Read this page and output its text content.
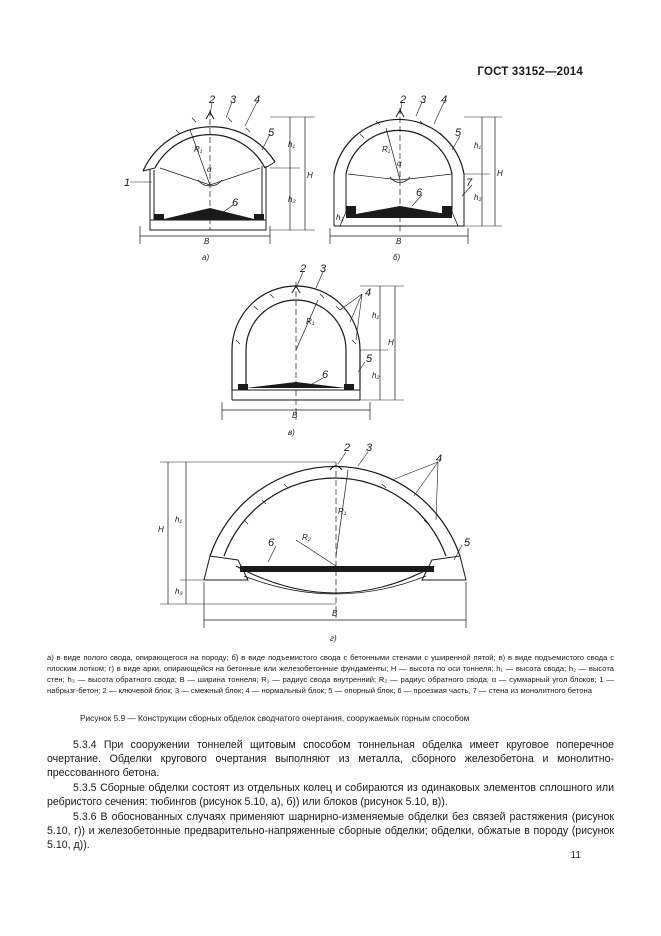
ГОСТ 33152—2014
1
2 3 4
5
6
R₁
α
h₁
h₂
H
B
а)
2 3 4
5
6
7
R₁
α
h₁
h₂
h₃
H
B
б)
2 3
4
5
6
R₁
h₁
h₂
H
B
в)
2 3
4
5
6
R₁
R₂
h₁
h₃
H
B
г)
а) в виде полого свода, опирающегося на породу; б) в виде подъемистого свода с бетонными стенами с уширенной пятой; в) в виде подъемистого свода с плоским лотком; г) в виде арки, опирающейся на бетонные или железобетонные фундаменты; H — высота по оси тоннеля; h₁ — высота свода; h₂ — высота стен; h₃ — высота обратного свода; B — ширина тоннеля; R₁ — радиус свода внутренний; R₂ — радиус обратного свода; α — суммарный угол блоков; 1 — набрызг-бетон; 2 — ключевой блок; 3 — смежный блок; 4 — нормальный блок; 5 — опорный блок; 6 — проезжая часть, 7 — стена из монолитного бетона
Рисунок 5.9 — Конструкции сборных обделок сводчатого очертания, сооружаемых горным способом
5.3.4 При сооружении тоннелей щитовым способом тоннельная обделка имеет круговое поперечное очертание. Обделки кругового очертания выполняют из металла, сборного железобетона и монолитно-прессованного бетона.
5.3.5 Сборные обделки состоят из отдельных колец и собираются из одинаковых элементов сплошного или ребристого сечения: тюбингов (рисунок 5.10, а), б)) или блоков (рисунок 5.10, в)).
5.3.6 В обоснованных случаях применяют шарнирно-изменяемые обделки без связей растяжения (рисунок 5.10, г)) и железобетонные предварительно-напряженные сборные обделки; обделки, обжатые в породу (рисунок 5.10, д)).
11
